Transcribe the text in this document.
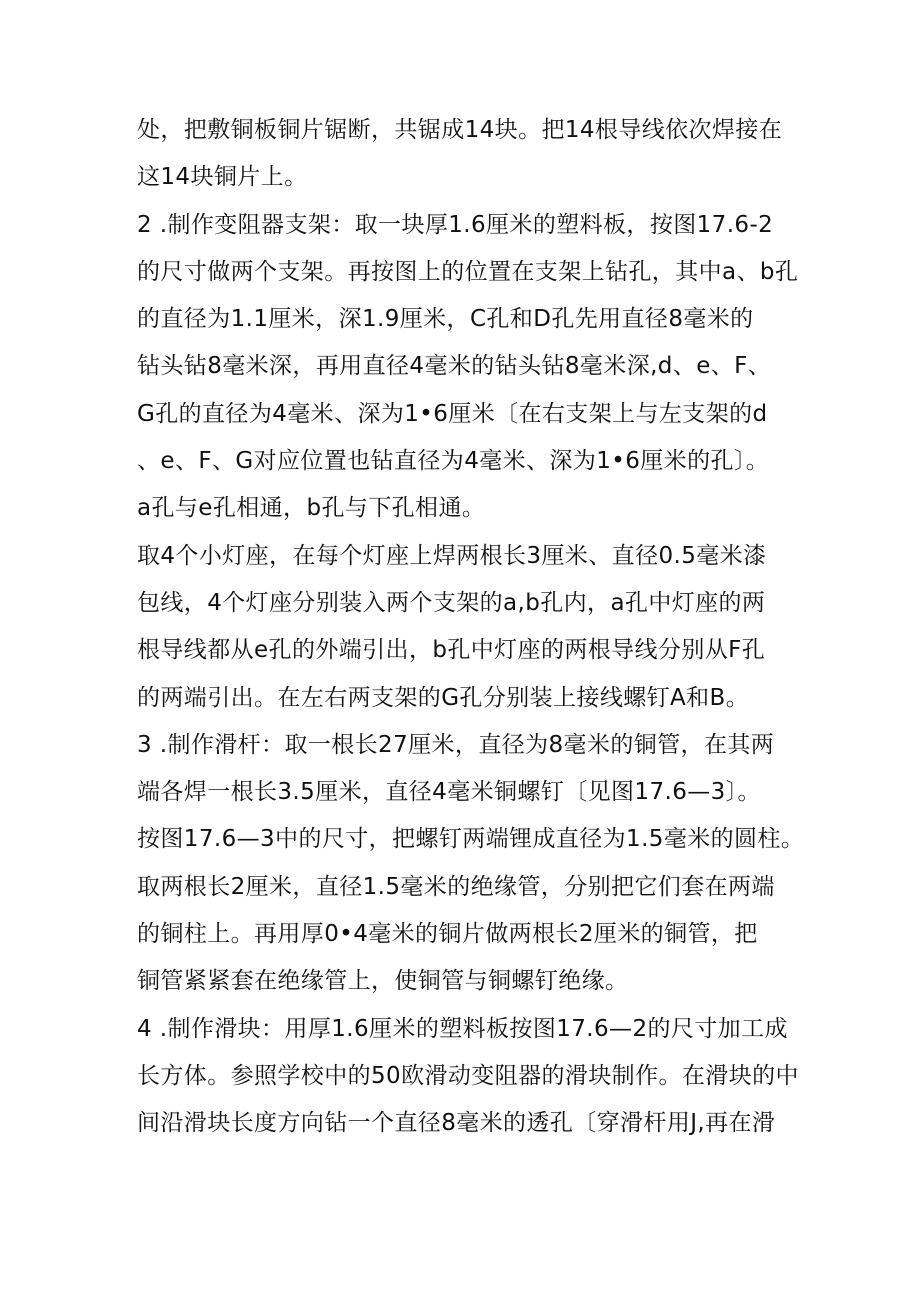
处，把敷铜板铜片锯断，共锯成14块。把14根导线依次焊接在
这14块铜片上。
2 .制作变阻器支架：取一块厚1.6厘米的塑料板，按图17.6-2
的尺寸做两个支架。再按图上的位置在支架上钻孔，其中a、b孔
的直径为1.1厘米，深1.9厘米，C孔和D孔先用直径8毫米的
钻头钻8毫米深，再用直径4毫米的钻头钻8毫米深,d、e、F、
G孔的直径为4毫米、深为1•6厘米〔在右支架上与左支架的d
、e、F、G对应位置也钻直径为4毫米、深为1•6厘米的孔〕。
a孔与e孔相通，b孔与下孔相通。
取4个小灯座，在每个灯座上焊两根长3厘米、直径0.5毫米漆
包线，4个灯座分别装入两个支架的a,b孔内，a孔中灯座的两
根导线都从e孔的外端引出，b孔中灯座的两根导线分别从F孔
的两端引出。在左右两支架的G孔分别装上接线螺钉A和B。
3 .制作滑杆：取一根长27厘米，直径为8毫米的铜管，在其两
端各焊一根长3.5厘米，直径4毫米铜螺钉〔见图17.6—3〕。
按图17.6—3中的尺寸，把螺钉两端锂成直径为1.5毫米的圆柱。
取两根长2厘米，直径1.5毫米的绝缘管，分别把它们套在两端
的铜柱上。再用厚0•4毫米的铜片做两根长2厘米的铜管，把
铜管紧紧套在绝缘管上，使铜管与铜螺钉绝缘。
4 .制作滑块：用厚1.6厘米的塑料板按图17.6—2的尺寸加工成
长方体。参照学校中的50欧滑动变阻器的滑块制作。在滑块的中
间沿滑块长度方向钻一个直径8毫米的透孔〔穿滑杆用J,再在滑
